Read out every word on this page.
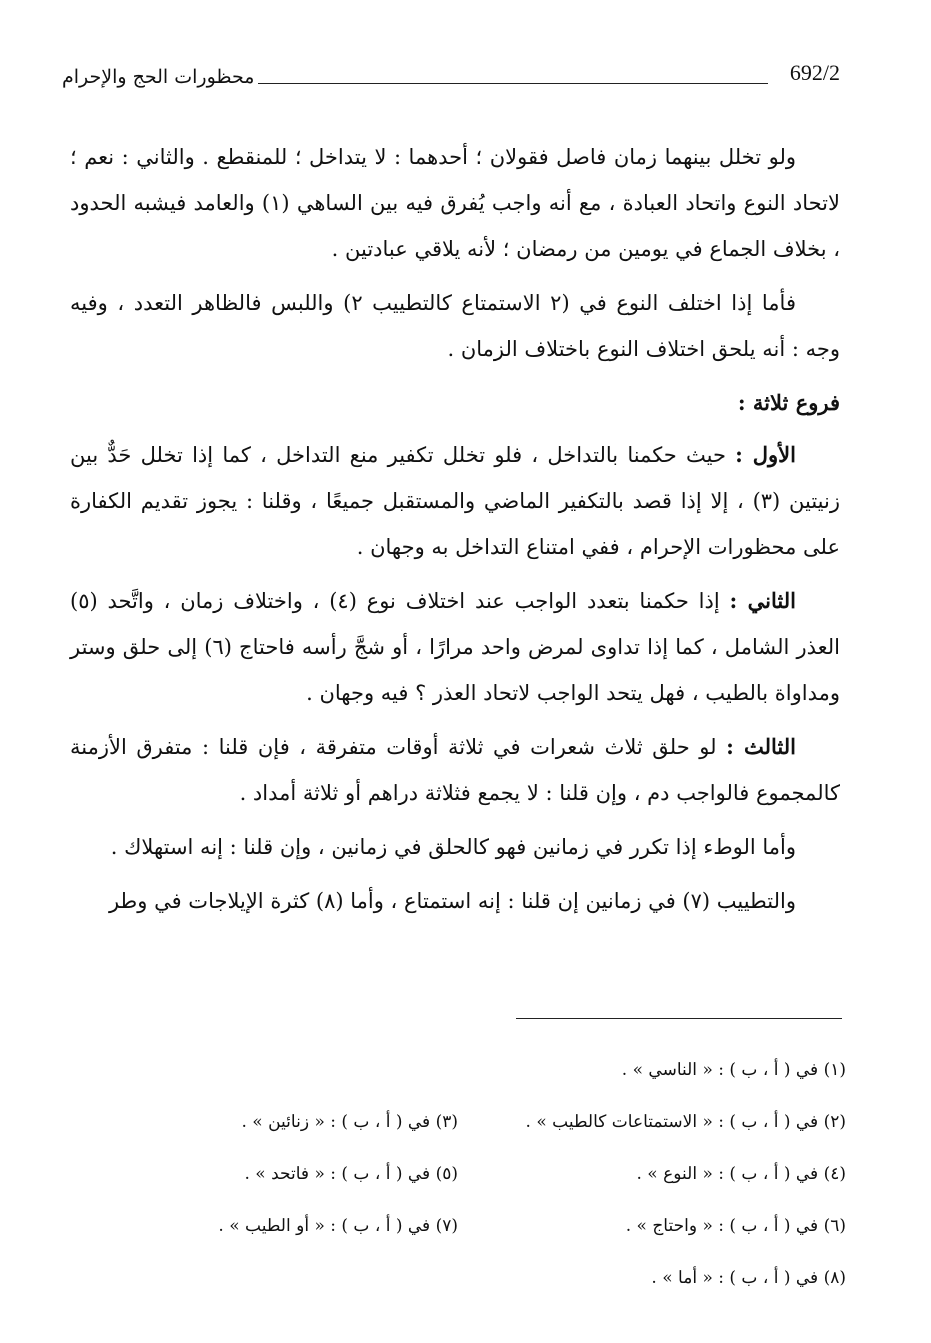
692/2
محظورات الحج والإحرام

ولو تخلل بينهما زمان فاصل فقولان ؛ أحدهما : لا يتداخل ؛ للمنقطع . والثاني : نعم ؛ لاتحاد النوع واتحاد العبادة ، مع أنه واجب يُفرق فيه بين الساهي (١) والعامد فيشبه الحدود ، بخلاف الجماع في يومين من رمضان ؛ لأنه يلاقي عبادتين .

فأما إذا اختلف النوع في (٢ الاستمتاع كالتطييب ٢) واللبس فالظاهر التعدد ، وفيه وجه : أنه يلحق اختلاف النوع باختلاف الزمان .

فروع ثلاثة :

الأول : حيث حكمنا بالتداخل ، فلو تخلل تكفير منع التداخل ، كما إذا تخلل حَدٌّ بين زنيتين (٣) ، إلا إذا قصد بالتكفير الماضي والمستقبل جميعًا ، وقلنا : يجوز تقديم الكفارة على محظورات الإحرام ، ففي امتناع التداخل به وجهان .

الثاني : إذا حكمنا بتعدد الواجب عند اختلاف نوع (٤) ، واختلاف زمان ، واتَّحد (٥) العذر الشامل ، كما إذا تداوى لمرض واحد مرارًا ، أو شجَّ رأسه فاحتاج (٦) إلى حلق وستر ومداواة بالطيب ، فهل يتحد الواجب لاتحاد العذر ؟ فيه وجهان .

الثالث : لو حلق ثلاث شعرات في ثلاثة أوقات متفرقة ، فإن قلنا : متفرق الأزمنة كالمجموع فالواجب دم ، وإن قلنا : لا يجمع فثلاثة دراهم أو ثلاثة أمداد .

وأما الوطء إذا تكرر في زمانين فهو كالحلق في زمانين ، وإن قلنا : إنه استهلاك .

والتطييب (٧) في زمانين إن قلنا : إنه استمتاع ، وأما (٨) كثرة الإيلاجات في وطر

(١) في ( أ ، ب ) : « الناسي » .
(٢) في ( أ ، ب ) : « الاستمتاعات كالطيب » .
(٣) في ( أ ، ب ) : « زنائين » .
(٤) في ( أ ، ب ) : « النوع » .
(٥) في ( أ ، ب ) : « فاتحد » .
(٦) في ( أ ، ب ) : « واحتاج » .
(٧) في ( أ ، ب ) : « أو الطيب » .
(٨) في ( أ ، ب ) : « أما » .
